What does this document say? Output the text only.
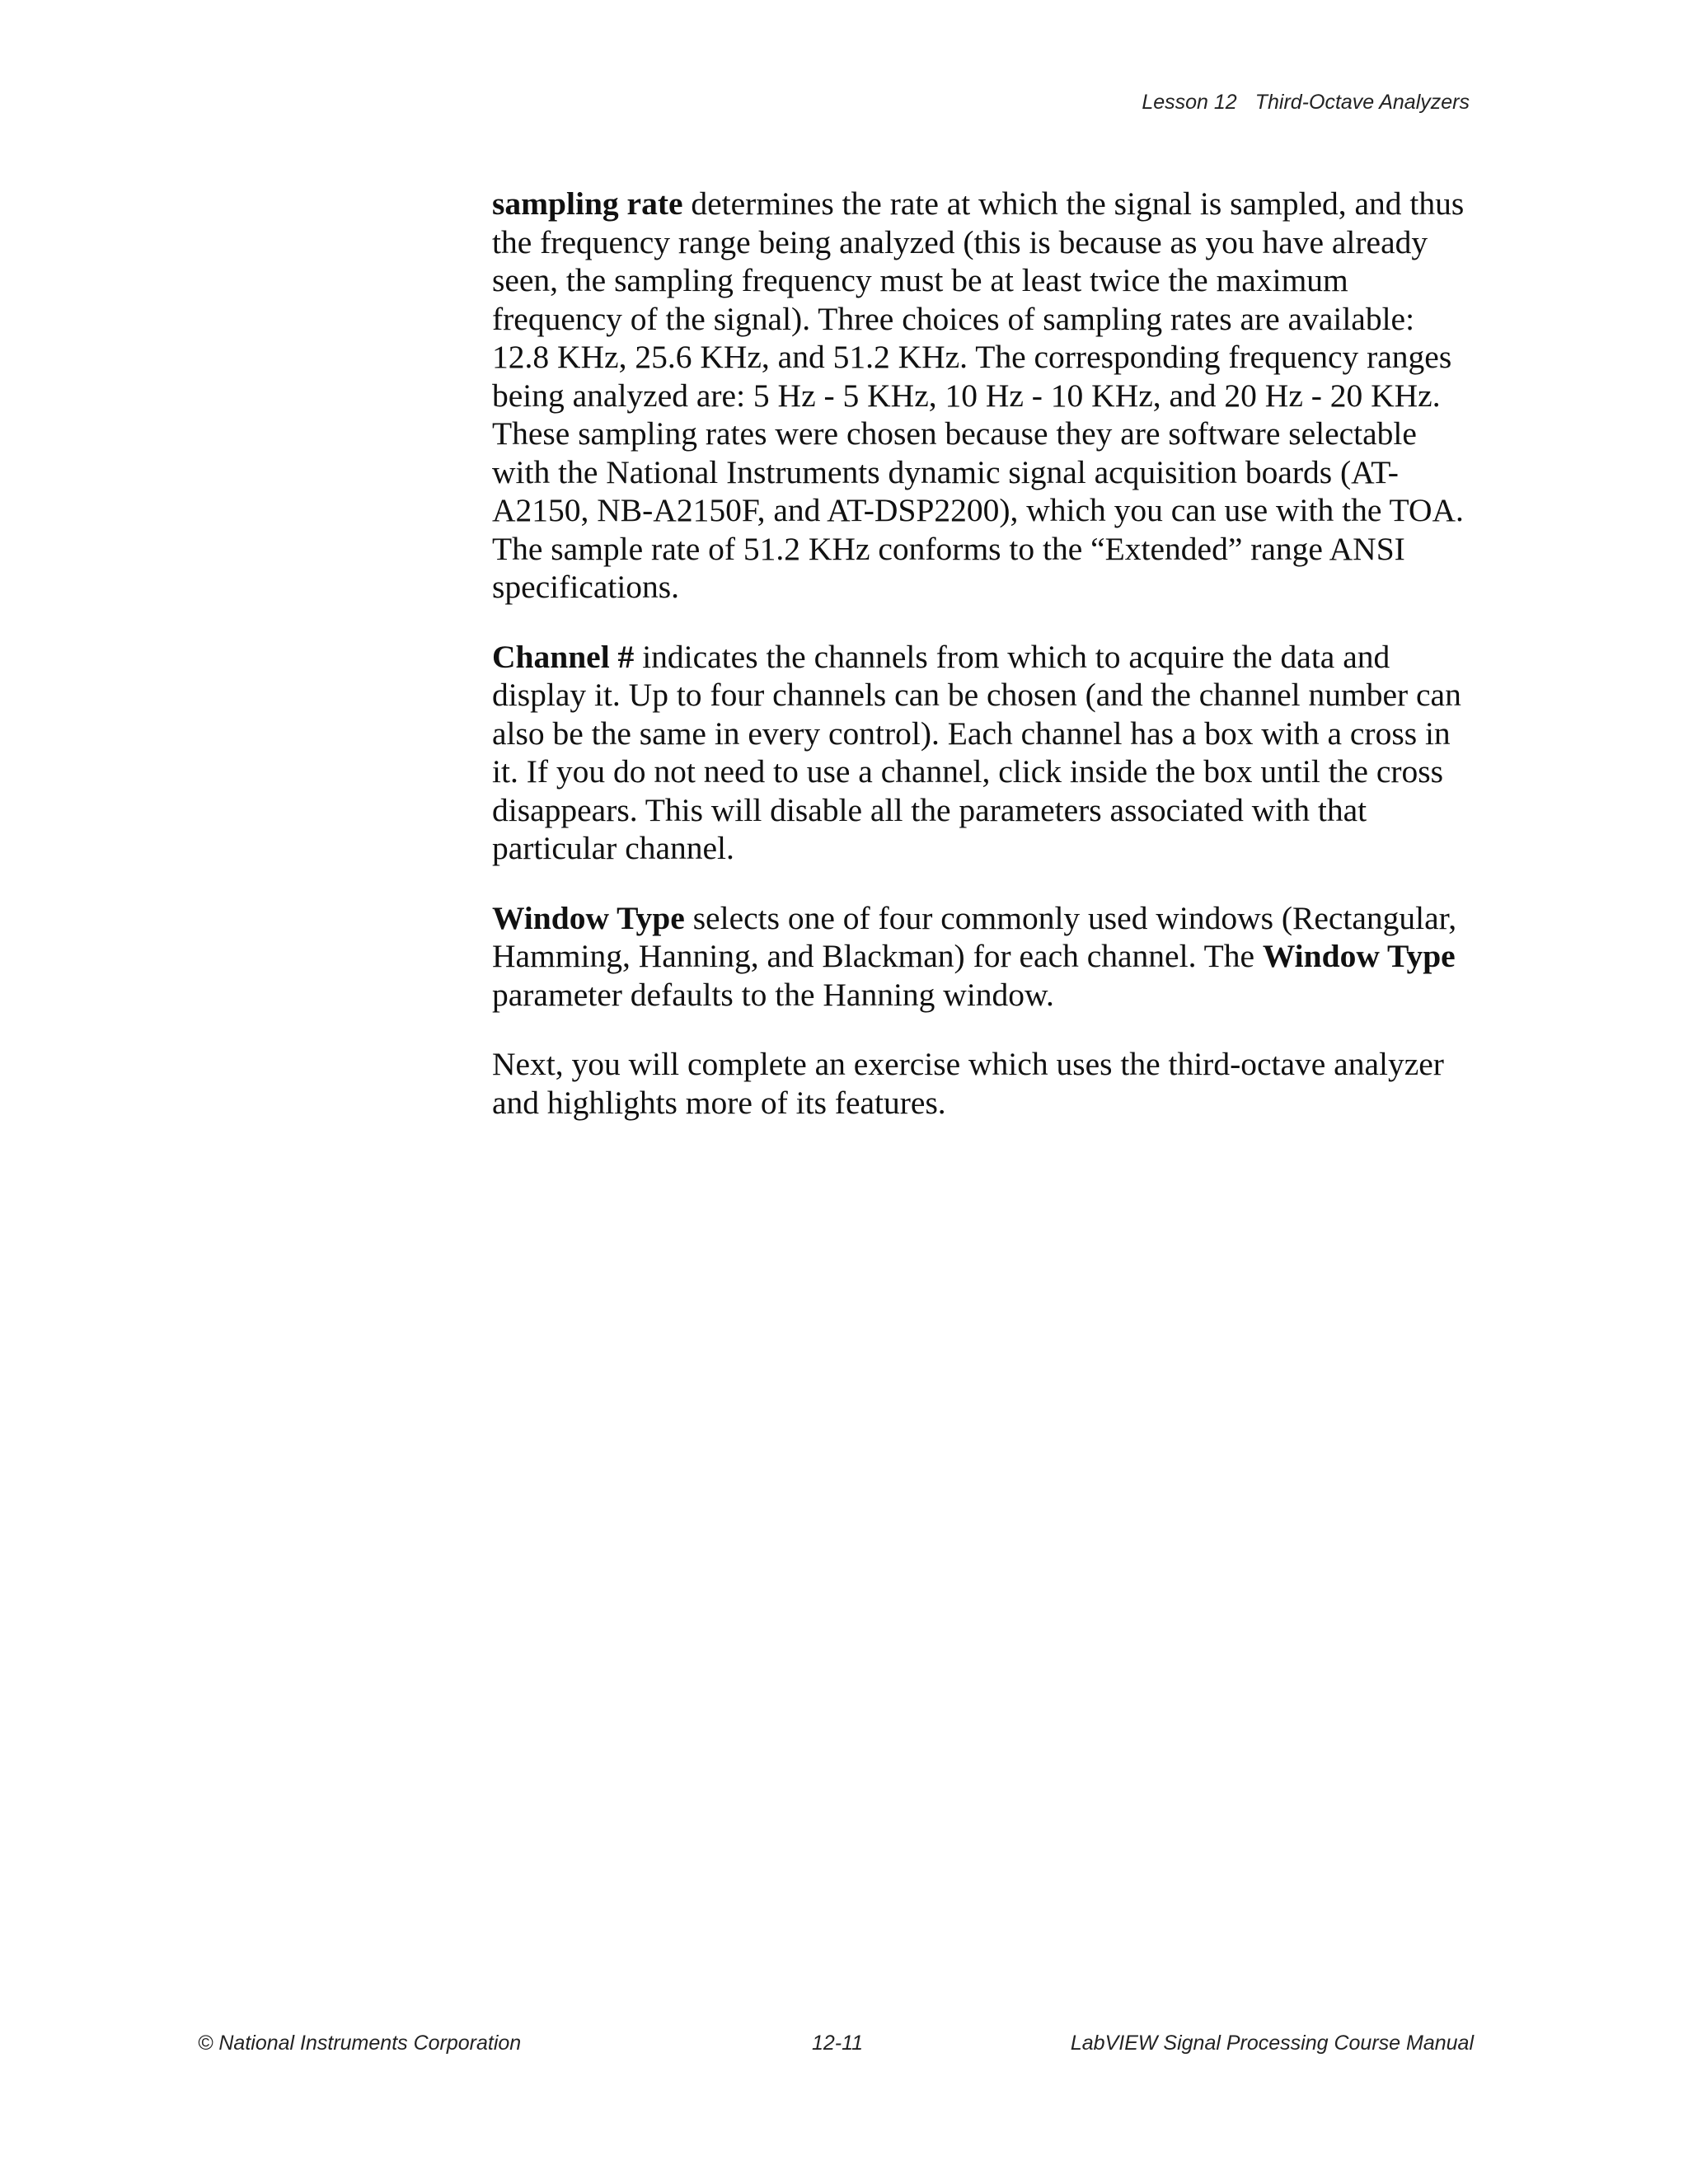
Lesson 12 Third-Octave Analyzers

sampling rate determines the rate at which the signal is sampled, and thus the frequency range being analyzed (this is because as you have already seen, the sampling frequency must be at least twice the maximum frequency of the signal). Three choices of sampling rates are available: 12.8 KHz, 25.6 KHz, and 51.2 KHz. The corresponding frequency ranges being analyzed are: 5 Hz - 5 KHz, 10 Hz - 10 KHz, and 20 Hz - 20 KHz. These sampling rates were chosen because they are software selectable with the National Instruments dynamic signal acquisition boards (AT-A2150, NB-A2150F, and AT-DSP2200), which you can use with the TOA. The sample rate of 51.2 KHz conforms to the “Extended” range ANSI specifications.

Channel # indicates the channels from which to acquire the data and display it. Up to four channels can be chosen (and the channel number can also be the same in every control). Each channel has a box with a cross in it. If you do not need to use a channel, click inside the box until the cross disappears. This will disable all the parameters associated with that particular channel.

Window Type selects one of four commonly used windows (Rectangular, Hamming, Hanning, and Blackman) for each channel. The Window Type parameter defaults to the Hanning window.

Next, you will complete an exercise which uses the third-octave analyzer and highlights more of its features.

© National Instruments Corporation	12-11	LabVIEW Signal Processing Course Manual
